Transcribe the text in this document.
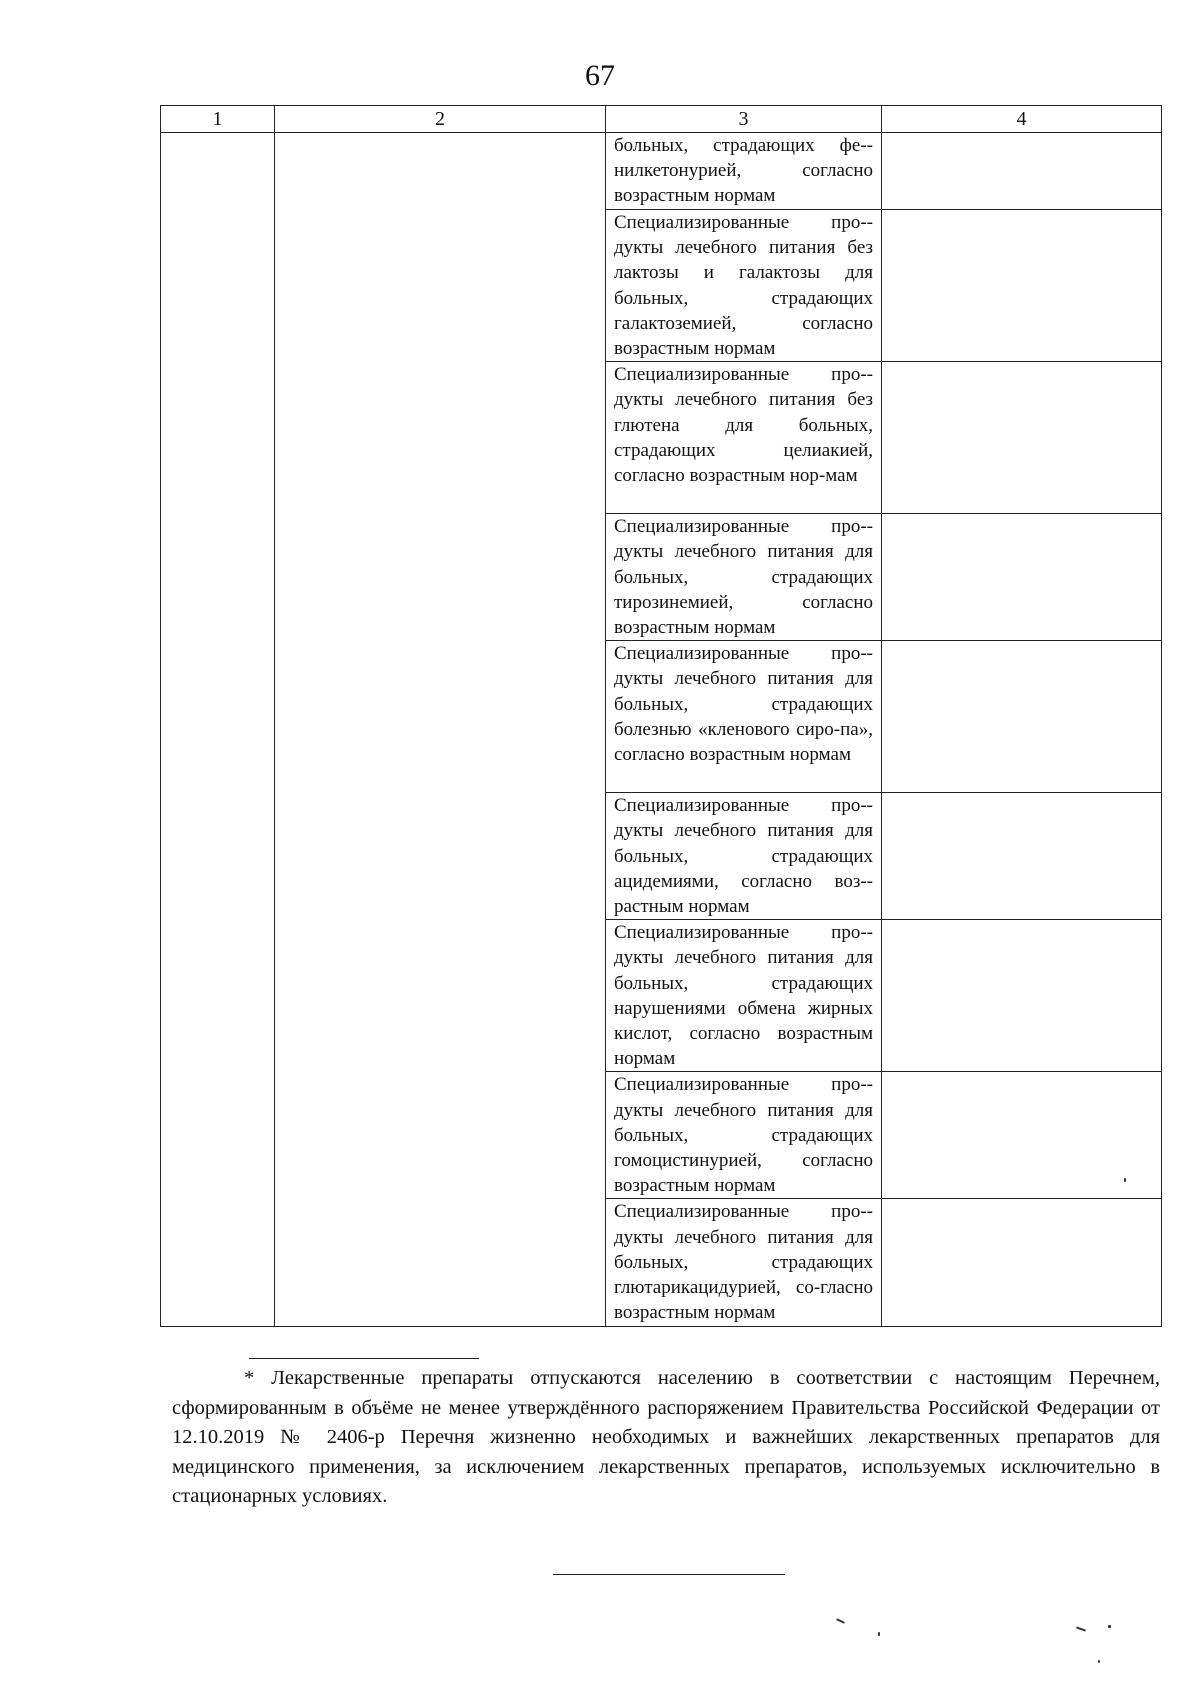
67
1	2	3	4
		больных, страдающих фе-нилкетонурией, согласно возрастным нормам	
		Специализированные про-дукты лечебного питания без лактозы и галактозы для больных, страдающих галактоземией, согласно возрастным нормам	
		Специализированные про-дукты лечебного питания без глютена для больных, страдающих целиакией, согласно возрастным нор-мам	
		Специализированные про-дукты лечебного питания для больных, страдающих тирозинемией, согласно возрастным нормам	
		Специализированные про-дукты лечебного питания для больных, страдающих болезнью «кленового сиро-па», согласно возрастным нормам	
		Специализированные про-дукты лечебного питания для больных, страдающих ацидемиями, согласно воз-растным нормам	
		Специализированные про-дукты лечебного питания для больных, страдающих нарушениями обмена жирных кислот, согласно возрастным нормам	
		Специализированные про-дукты лечебного питания для больных, страдающих гомоцистинурией, согласно возрастным нормам	
		Специализированные про-дукты лечебного питания для больных, страдающих глютарикацидурией, со-гласно возрастным нормам	
* Лекарственные препараты отпускаются населению в соответствии с настоящим Перечнем, сформированным в объёме не менее утверждённого распоряжением Правительства Российской Федерации от 12.10.2019 № 2406-р Перечня жизненно необходимых и важнейших лекарственных препаратов для медицинского применения, за исключением лекарственных препаратов, используемых исключительно в стационарных условиях.
